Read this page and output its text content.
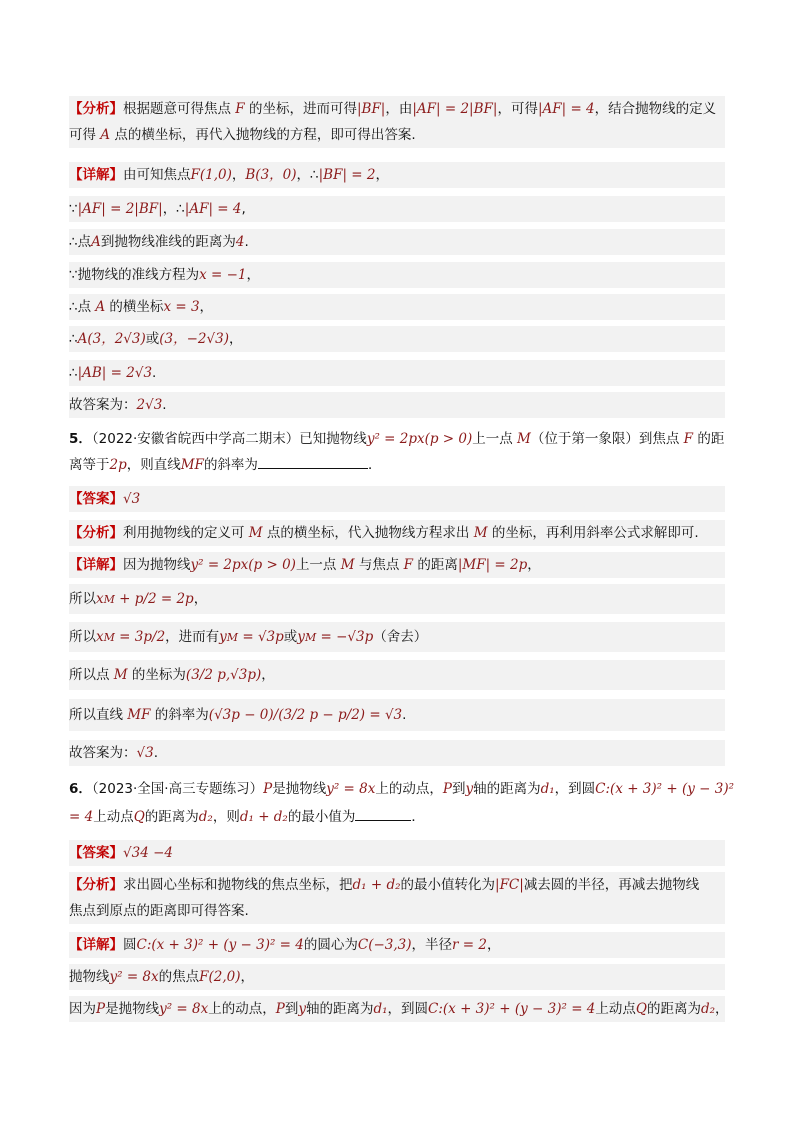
【分析】根据题意可得焦点 F 的坐标，进而可得|BF|，由|AF| = 2|BF|，可得|AF| = 4，结合抛物线的定义
可得 A 点的横坐标，再代入抛物线的方程，即可得出答案.
【详解】由可知焦点F(1,0)，B(3，0)，∴|BF| = 2，
∵|AF| = 2|BF|，∴|AF| = 4,
∴点A到抛物线准线的距离为4.
∵抛物线的准线方程为x = −1，
∴点 A 的横坐标x = 3，
∴A(3，2√3)或(3，−2√3)，
∴|AB| = 2√3.
故答案为：2√3.
5．（2022·安徽省皖西中学高二期末）已知抛物线y² = 2px(p > 0)上一点 M（位于第一象限）到焦点 F 的距
离等于2p，则直线MF的斜率为	．
【答案】√3
【分析】利用抛物线的定义可 M 点的横坐标，代入抛物线方程求出 M 的坐标，再利用斜率公式求解即可.
【详解】因为抛物线y² = 2px(p > 0)上一点 M 与焦点 F 的距离|MF| = 2p，
所以xM + p/2 = 2p，
所以xM = 3p/2，进而有yM = √3p或yM = −√3p（舍去）
所以点 M 的坐标为(3/2 p,√3p)，
所以直线 MF 的斜率为(√3p − 0)/(3/2 p − p/2) = √3.
故答案为：√3.
6．（2023·全国·高三专题练习）P是抛物线y² = 8x上的动点，P到y轴的距离为d₁，到圆C:(x + 3)² + (y − 3)²
= 4上动点Q的距离为d₂，则d₁ + d₂的最小值为	．
【答案】√34 −4
【分析】求出圆心坐标和抛物线的焦点坐标，把d₁ + d₂的最小值转化为|FC|减去圆的半径，再减去抛物线
焦点到原点的距离即可得答案.
【详解】圆C:(x + 3)² + (y − 3)² = 4的圆心为C(−3,3)，半径r = 2，
抛物线y² = 8x的焦点F(2,0)，
因为P是抛物线y² = 8x上的动点，P到y轴的距离为d₁，到圆C:(x + 3)² + (y − 3)² = 4上动点Q的距离为d₂，
